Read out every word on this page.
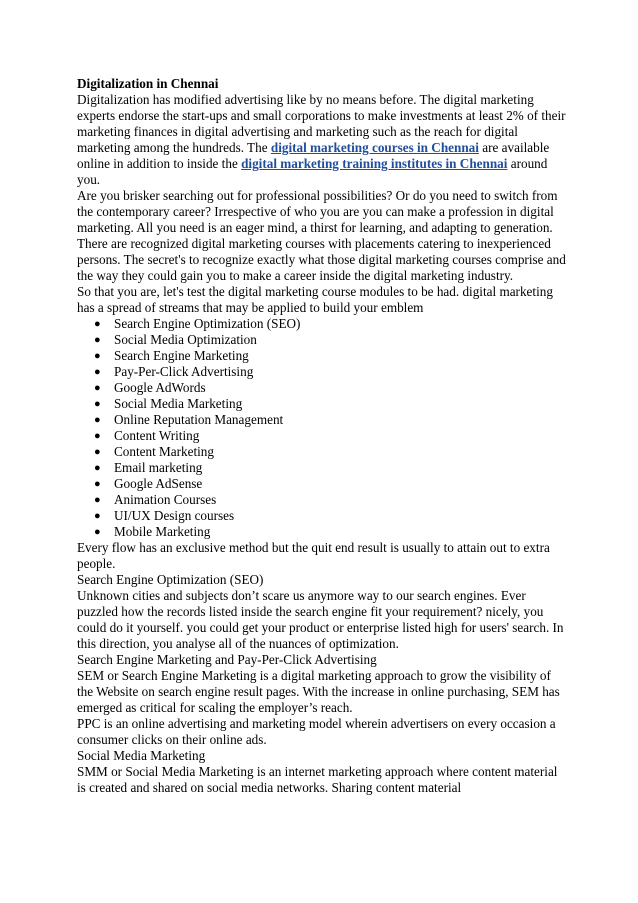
Digitalization in Chennai

Digitalization has modified advertising like by no means before. The digital marketing experts endorse the start-ups and small corporations to make investments at least 2% of their marketing finances in digital advertising and marketing such as the reach for digital marketing among the hundreds. The digital marketing courses in Chennai are available online in addition to inside the digital marketing training institutes in Chennai around you.

Are you brisker searching out for professional possibilities? Or do you need to switch from the contemporary career? Irrespective of who you are you can make a profession in digital marketing. All you need is an eager mind, a thirst for learning, and adapting to generation. There are recognized digital marketing courses with placements catering to inexperienced persons. The secret's to recognize exactly what those digital marketing courses comprise and the way they could gain you to make a career inside the digital marketing industry.

So that you are, let's test the digital marketing course modules to be had. digital marketing has a spread of streams that may be applied to build your emblem

● Search Engine Optimization (SEO)
● Social Media Optimization
● Search Engine Marketing
● Pay-Per-Click Advertising
● Google AdWords
● Social Media Marketing
● Online Reputation Management
● Content Writing
● Content Marketing
● Email marketing
● Google AdSense
● Animation Courses
● UI/UX Design courses
● Mobile Marketing

Every flow has an exclusive method but the quit end result is usually to attain out to extra people.

Search Engine Optimization (SEO)

Unknown cities and subjects don’t scare us anymore way to our search engines. Ever puzzled how the records listed inside the search engine fit your requirement? nicely, you could do it yourself. you could get your product or enterprise listed high for users' search. In this direction, you analyse all of the nuances of optimization.

Search Engine Marketing and Pay-Per-Click Advertising

SEM or Search Engine Marketing is a digital marketing approach to grow the visibility of the Website on search engine result pages. With the increase in online purchasing, SEM has emerged as critical for scaling the employer’s reach.

PPC is an online advertising and marketing model wherein advertisers on every occasion a consumer clicks on their online ads.

Social Media Marketing

SMM or Social Media Marketing is an internet marketing approach where content material is created and shared on social media networks. Sharing content material
